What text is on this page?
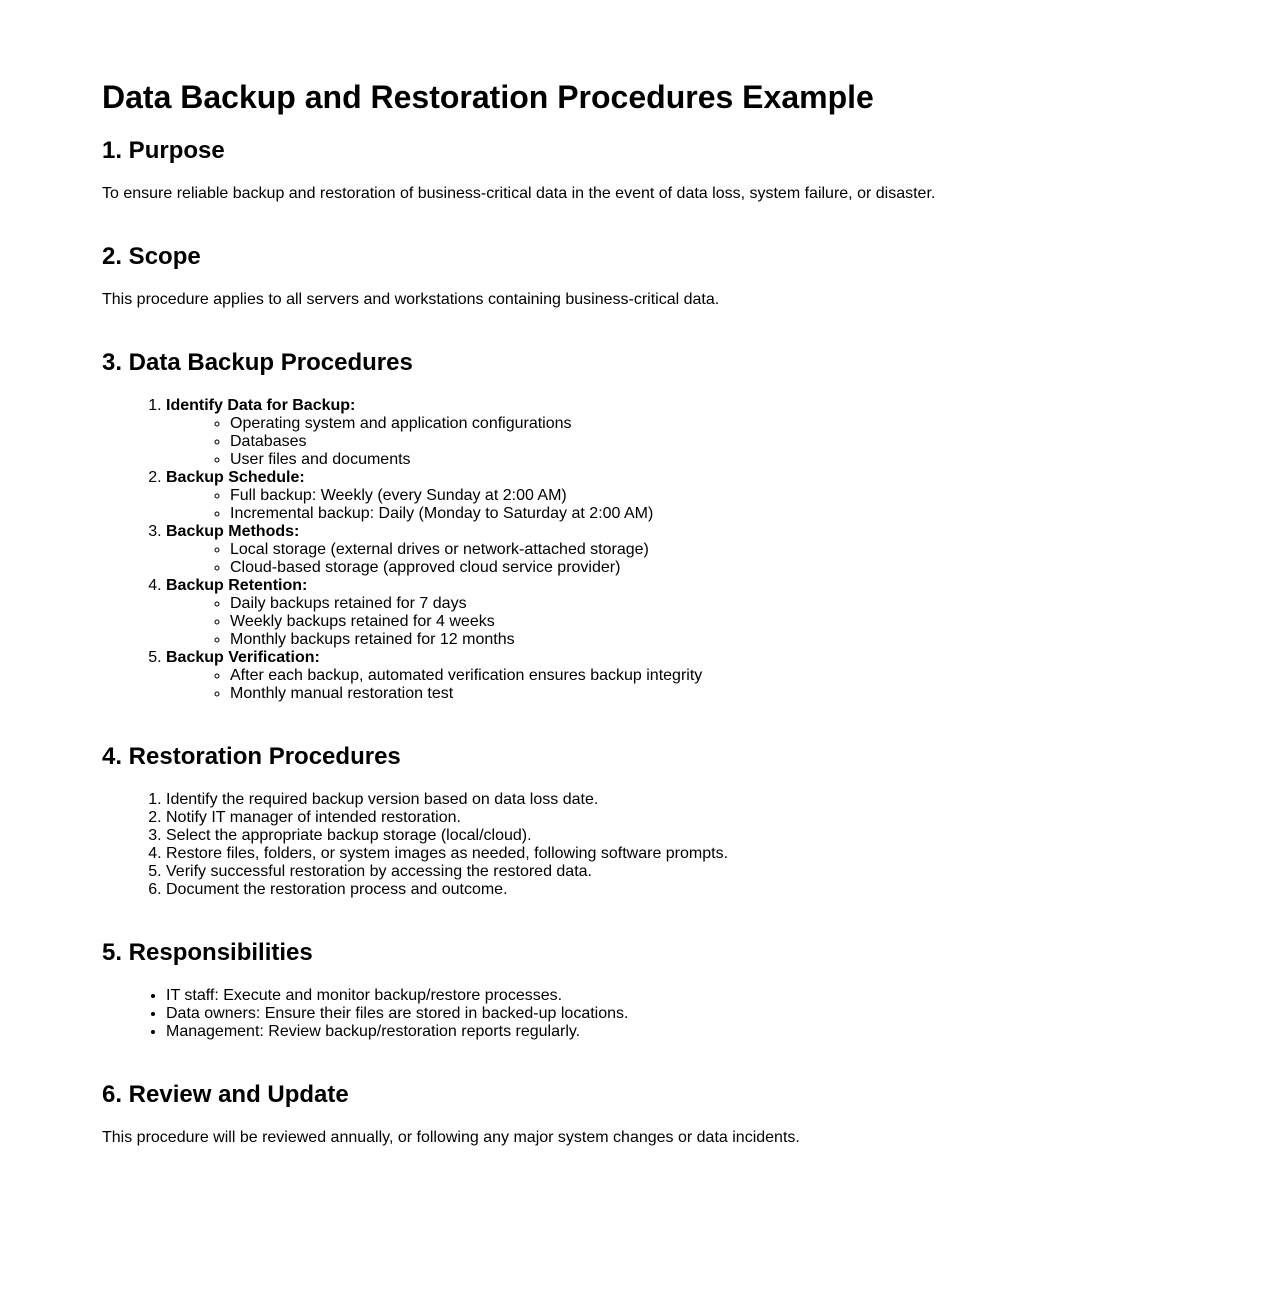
Data Backup and Restoration Procedures Example
1. Purpose

To ensure reliable backup and restoration of business-critical data in the event of data loss, system failure, or disaster.

2. Scope

This procedure applies to all servers and workstations containing business-critical data.

3. Data Backup Procedures
1. Identify Data for Backup:
◦ Operating system and application configurations
◦ Databases
◦ User files and documents
2. Backup Schedule:
◦ Full backup: Weekly (every Sunday at 2:00 AM)
◦ Incremental backup: Daily (Monday to Saturday at 2:00 AM)
3. Backup Methods:
◦ Local storage (external drives or network-attached storage)
◦ Cloud-based storage (approved cloud service provider)
4. Backup Retention:
◦ Daily backups retained for 7 days
◦ Weekly backups retained for 4 weeks
◦ Monthly backups retained for 12 months
5. Backup Verification:
◦ After each backup, automated verification ensures backup integrity
◦ Monthly manual restoration test
4. Restoration Procedures
1. Identify the required backup version based on data loss date.
2. Notify IT manager of intended restoration.
3. Select the appropriate backup storage (local/cloud).
4. Restore files, folders, or system images as needed, following software prompts.
5. Verify successful restoration by accessing the restored data.
6. Document the restoration process and outcome.
5. Responsibilities
• IT staff: Execute and monitor backup/restore processes.
• Data owners: Ensure their files are stored in backed-up locations.
• Management: Review backup/restoration reports regularly.
6. Review and Update

This procedure will be reviewed annually, or following any major system changes or data incidents.
